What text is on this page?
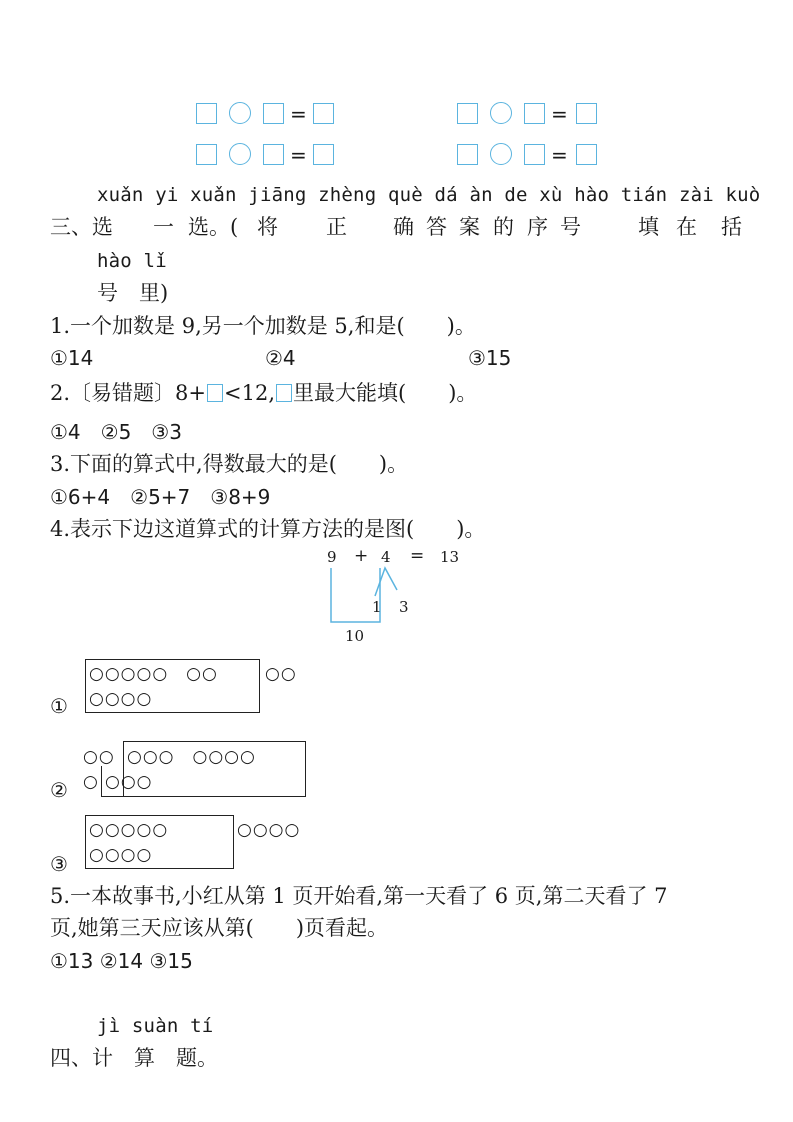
=	=
=	=
xuǎn yi xuǎn jiāng zhèng què dá àn de xù hào tián zài kuò
三、选 一 选。( 将 正 确 答 案 的 序 号	填 在 括
hào lǐ
号　里)
1.一个加数是 9,另一个加数是 5,和是(　　)。
①14	②4	③15
2.〔易错题〕8+ <12, 里最大能填(　　)。
①4　②5　③3
3.下面的算式中,得数最大的是(　　)。
①6+4　②5+7　③8+9
4.表示下边这道算式的计算方法的是图(　　)。
9 + 4 = 13
1 3
10
①
○○○○○　○○	○○
○○○○
②
○○ ○○○　○○○○
○ ○○○
③
○○○○○　	○○○○
○○○○
5.一本故事书,小红从第 1 页开始看,第一天看了 6 页,第二天看了 7
页,她第三天应该从第(　　)页看起。
①13 ②14 ③15
jì suàn tí
四、计　算　题。
